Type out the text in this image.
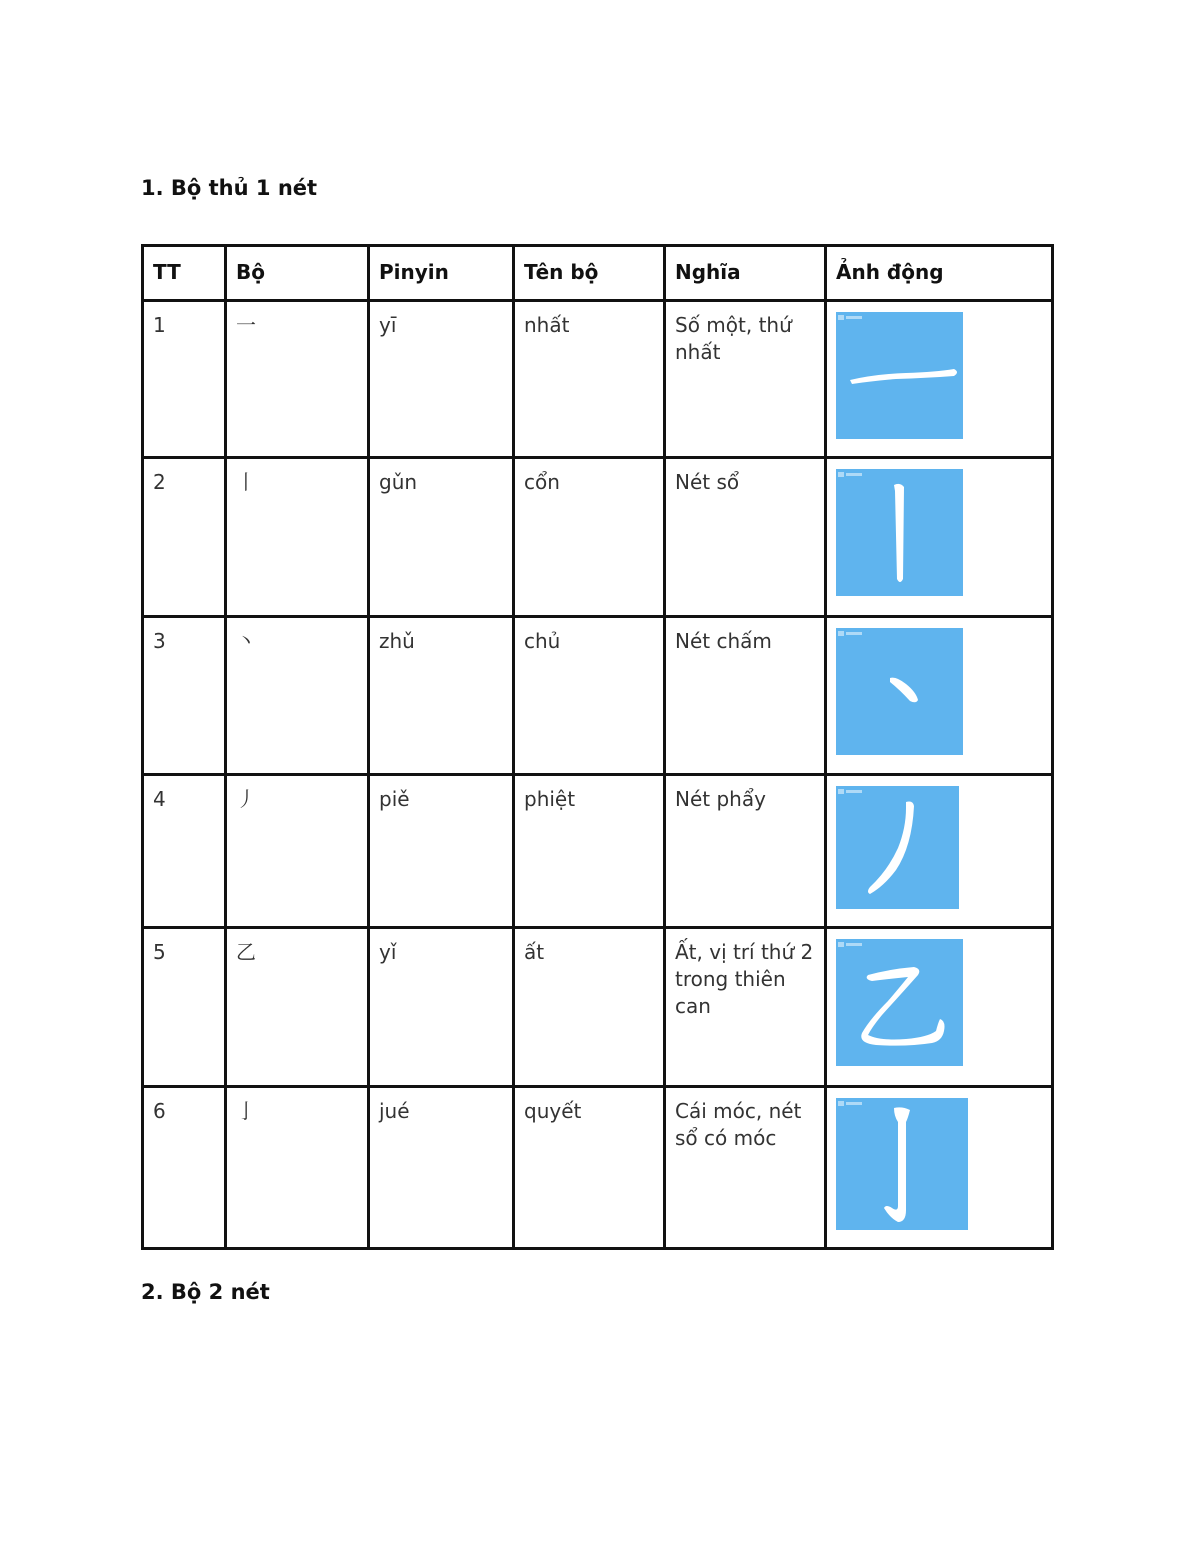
1. Bộ thủ 1 nét
TT	Bộ	Pinyin	Tên bộ	Nghĩa	Ảnh động
1	一	yī	nhất	Số một, thứ nhất	

2	丨	gǔn	cổn	Nét sổ	

3	丶	zhǔ	chủ	Nét chấm	

4	丿	piě	phiệt	Nét phẩy	

5	乙	yǐ	ất	Ất, vị trí thứ 2 trong thiên can	

6	亅	jué	quyết	Cái móc, nét sổ có móc	
2. Bộ 2 nét
